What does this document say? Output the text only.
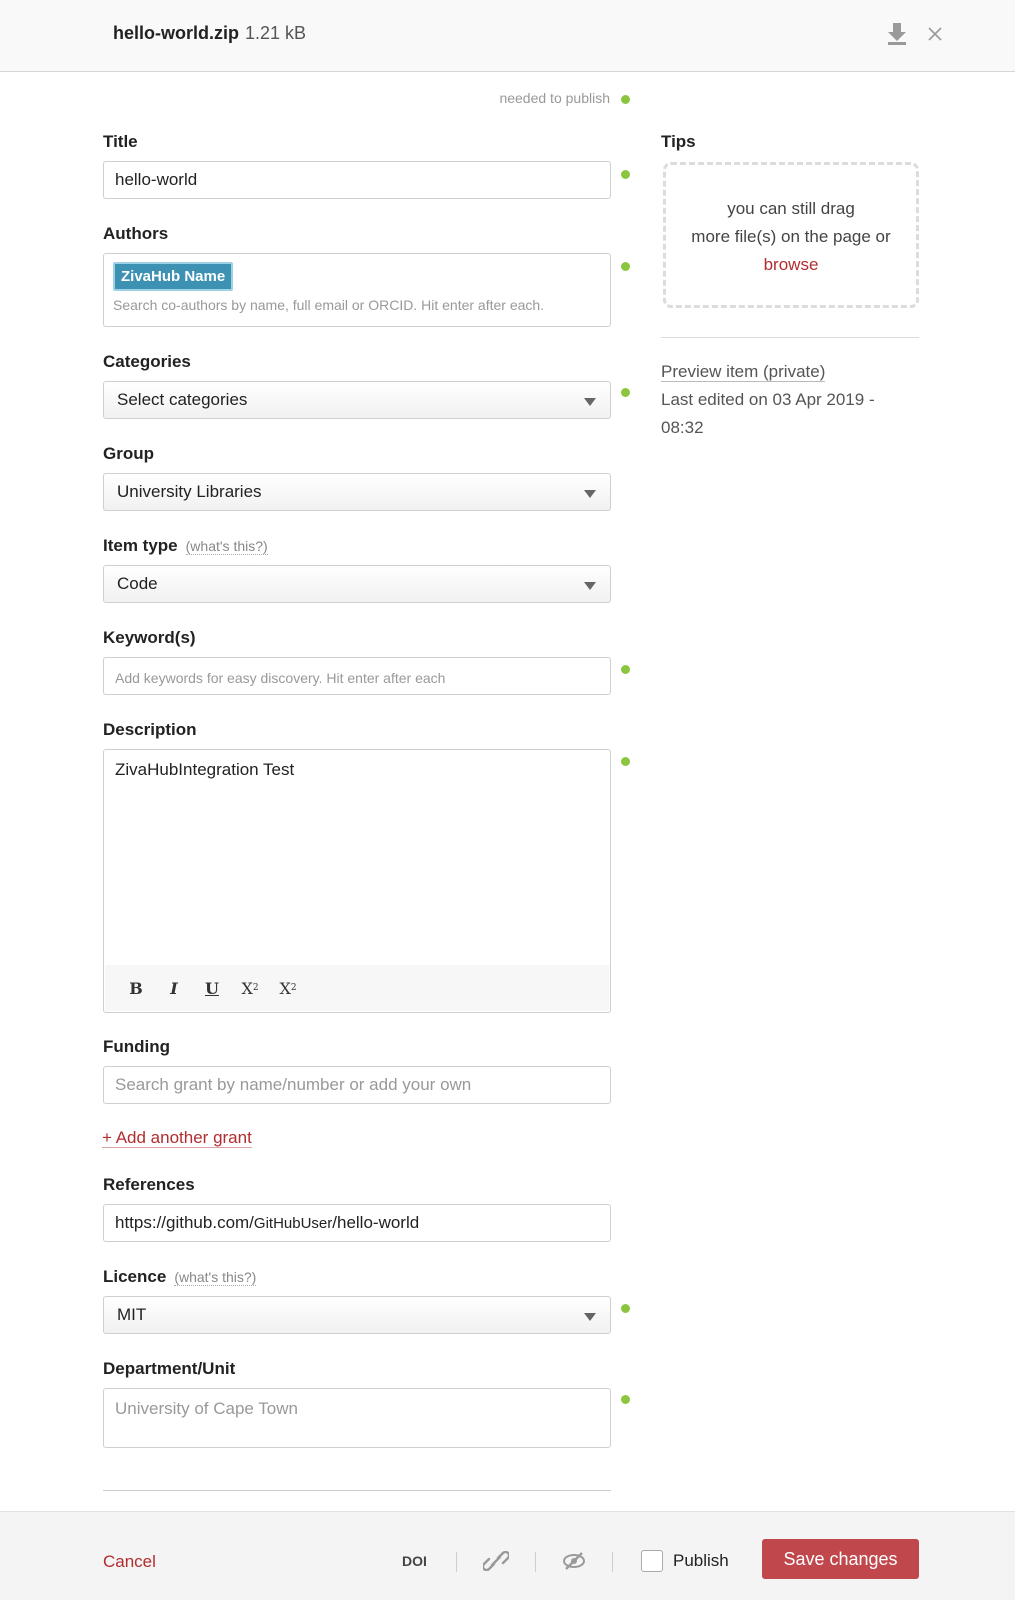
hello-world.zip 1.21 kB
needed to publish
Title
hello-world
Authors
ZivaHub Name
Search co-authors by name, full email or ORCID. Hit enter after each.
Categories
Select categories
Group
University Libraries
Item type (what's this?)
Code
Keyword(s)
Add keywords for easy discovery. Hit enter after each
Description
ZivaHubIntegration Test
B	I	U	X 2	X 2
Funding
Search grant by name/number or add your own
+ Add another grant
References
https://github.com/GitHubUser/hello-world
Licence (what's this?)
MIT
Department/Unit
University of Cape Town
Tips
you can still drag
more file(s) on the page or
browse
Preview item (private)
Last edited on 03 Apr 2019 - 08:32
Cancel	DOI	Publish	Save changes
